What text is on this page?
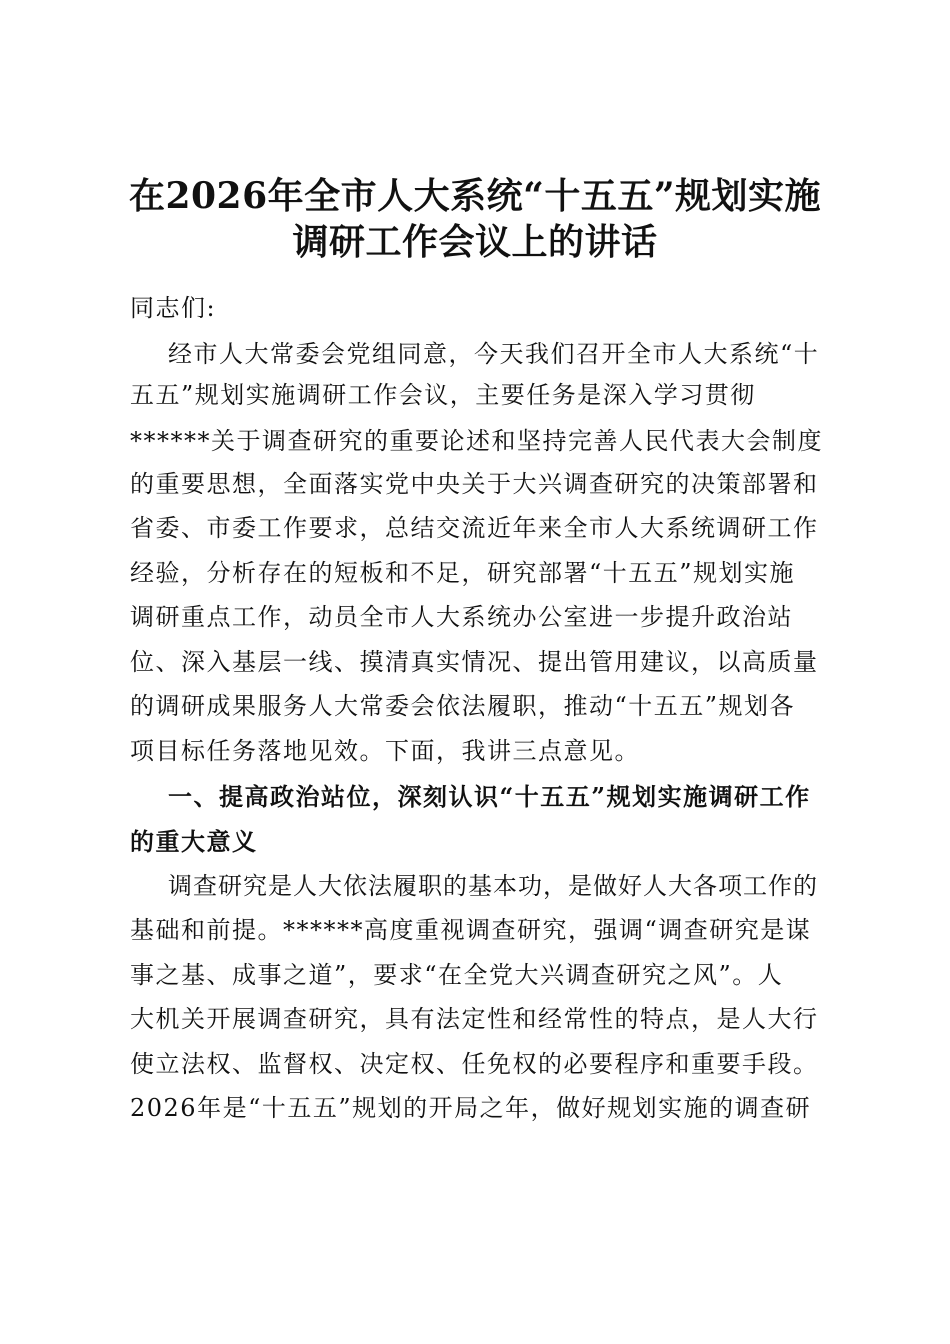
在2026年全市人大系统“十五五”规划实施
调研工作会议上的讲话
同志们:
经市人大常委会党组同意，今天我们召开全市人大系统“十
五五”规划实施调研工作会议，主要任务是深入学习贯彻
******关于调查研究的重要论述和坚持完善人民代表大会制度
的重要思想，全面落实党中央关于大兴调查研究的决策部署和
省委、市委工作要求，总结交流近年来全市人大系统调研工作
经验，分析存在的短板和不足，研究部署“十五五”规划实施
调研重点工作，动员全市人大系统办公室进一步提升政治站
位、深入基层一线、摸清真实情况、提出管用建议，以高质量
的调研成果服务人大常委会依法履职，推动“十五五”规划各
项目标任务落地见效。下面，我讲三点意见。
一、提高政治站位，深刻认识“十五五”规划实施调研工作
的重大意义
调查研究是人大依法履职的基本功，是做好人大各项工作的
基础和前提。******高度重视调查研究，强调“调查研究是谋
事之基、成事之道”，要求“在全党大兴调查研究之风”。人
大机关开展调查研究，具有法定性和经常性的特点，是人大行
使立法权、监督权、决定权、任免权的必要程序和重要手段。
2026年是“十五五”规划的开局之年，做好规划实施的调查研
